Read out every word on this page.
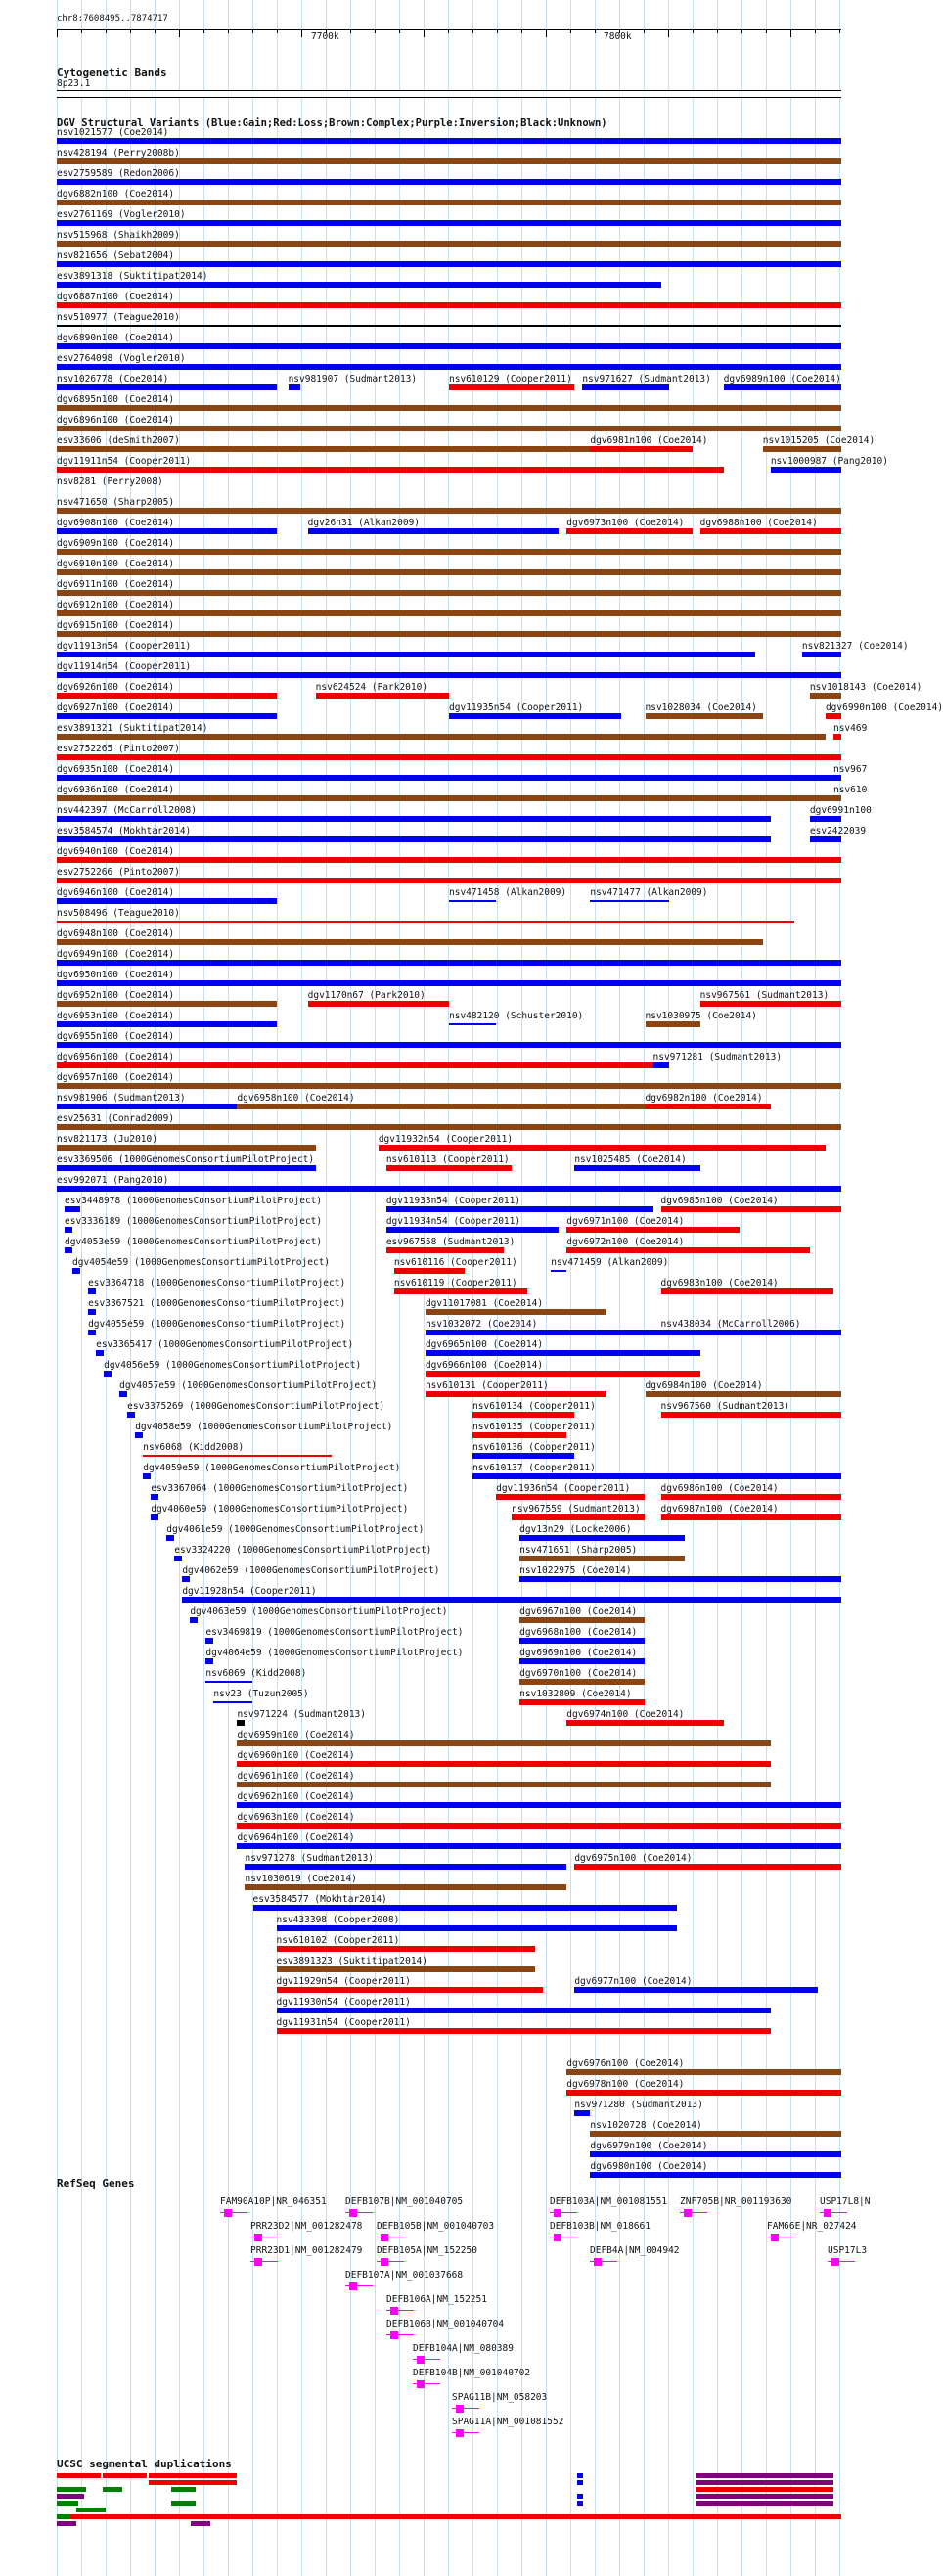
chr8:7608495..7874717
7700k	7800k
Cytogenetic Bands
8p23.1
DGV Structural Variants (Blue:Gain;Red:Loss;Brown:Complex;Purple:Inversion;Black:Unknown)
nsv1021577 (Coe2014)
nsv428194 (Perry2008b)
esv2759589 (Redon2006)
dgv6882n100 (Coe2014)
esv2761169 (Vogler2010)
nsv515968 (Shaikh2009)
nsv821656 (Sebat2004)
esv3891318 (Suktitipat2014)
dgv6887n100 (Coe2014)
nsv510977 (Teague2010)
dgv6890n100 (Coe2014)
esv2764098 (Vogler2010)
nsv1026778 (Coe2014)	nsv981907 (Sudmant2013)	nsv610129 (Cooper2011) nsv971627 (Sudmant2013) dgv6989n100 (Coe2014)
dgv6895n100 (Coe2014)
dgv6896n100 (Coe2014)
esv33606 (deSmith2007)	dgv6981n100 (Coe2014)	nsv1015205 (Coe2014)
dgv11911n54 (Cooper2011)	nsv1000987 (Pang2010)
nsv8281 (Perry2008)
nsv471650 (Sharp2005)
dgv6908n100 (Coe2014)	dgv26n31 (Alkan2009)	dgv6973n100 (Coe2014) dgv6988n100 (Coe2014)
dgv6909n100 (Coe2014)
dgv6910n100 (Coe2014)
dgv6911n100 (Coe2014)
dgv6912n100 (Coe2014)
dgv6915n100 (Coe2014)
dgv11913n54 (Cooper2011)	nsv821327 (Coe2014)
dgv11914n54 (Cooper2011)
dgv6926n100 (Coe2014)	nsv624524 (Park2010)	nsv1018143 (Coe2014)
dgv6927n100 (Coe2014)	dgv11935n54 (Cooper2011)	nsv1028034 (Coe2014)	dgv6990n100 (Coe2014)
esv3891321 (Suktitipat2014)	nsv469
esv2752265 (Pinto2007)
dgv6935n100 (Coe2014)	nsv967
dgv6936n100 (Coe2014)	nsv610
nsv442397 (McCarroll2008)	dgv6991n100
esv3584574 (Mokhtar2014)	esv2422039
dgv6940n100 (Coe2014)
esv2752266 (Pinto2007)
dgv6946n100 (Coe2014)	nsv471458 (Alkan2009)	nsv471477 (Alkan2009)
nsv508496 (Teague2010)
dgv6948n100 (Coe2014)
dgv6949n100 (Coe2014)
dgv6950n100 (Coe2014)
dgv6952n100 (Coe2014)	dgv1170n67 (Park2010)	nsv967561 (Sudmant2013)
dgv6953n100 (Coe2014)	nsv482120 (Schuster2010)	nsv1030975 (Coe2014)
dgv6955n100 (Coe2014)
dgv6956n100 (Coe2014)	nsv971281 (Sudmant2013)
dgv6957n100 (Coe2014)
nsv981906 (Sudmant2013)	dgv6958n100 (Coe2014)	dgv6982n100 (Coe2014)
esv25631 (Conrad2009)
nsv821173 (Ju2010)	dgv11932n54 (Cooper2011)
esv3369506 (1000GenomesConsortiumPilotProject)	nsv610113 (Cooper2011)	nsv1025485 (Coe2014)
esv992071 (Pang2010)
esv3448978 (1000GenomesConsortiumPilotProject)	dgv11933n54 (Cooper2011)	dgv6985n100 (Coe2014)
esv3336189 (1000GenomesConsortiumPilotProject)	dgv11934n54 (Cooper2011)	dgv6971n100 (Coe2014)
dgv4053e59 (1000GenomesConsortiumPilotProject)	esv967558 (Sudmant2013)	dgv6972n100 (Coe2014)
dgv4054e59 (1000GenomesConsortiumPilotProject)	nsv610116 (Cooper2011)	nsv471459 (Alkan2009)
esv3364718 (1000GenomesConsortiumPilotProject)	nsv610119 (Cooper2011)	dgv6983n100 (Coe2014)
esv3367521 (1000GenomesConsortiumPilotProject)	dgv11017081 (Coe2014)
dgv4055e59 (1000GenomesConsortiumPilotProject)	nsv1032072 (Coe2014)	nsv438034 (McCarroll2006)
esv3365417 (1000GenomesConsortiumPilotProject)	dgv6965n100 (Coe2014)
dgv4056e59 (1000GenomesConsortiumPilotProject)	dgv6966n100 (Coe2014)
dgv4057e59 (1000GenomesConsortiumPilotProject)	nsv610131 (Cooper2011)	dgv6984n100 (Coe2014)
esv3375269 (1000GenomesConsortiumPilotProject)	nsv610134 (Cooper2011)	nsv967560 (Sudmant2013)
dgv4058e59 (1000GenomesConsortiumPilotProject)	nsv610135 (Cooper2011)
nsv6068 (Kidd2008)	nsv610136 (Cooper2011)
dgv4059e59 (1000GenomesConsortiumPilotProject)	nsv610137 (Cooper2011)
esv3367064 (1000GenomesConsortiumPilotProject)	dgv11936n54 (Cooper2011)	dgv6986n100 (Coe2014)
dgv4060e59 (1000GenomesConsortiumPilotProject)	nsv967559 (Sudmant2013) dgv6987n100 (Coe2014)
dgv4061e59 (1000GenomesConsortiumPilotProject)	dgv13n29 (Locke2006)
esv3324220 (1000GenomesConsortiumPilotProject)	nsv471651 (Sharp2005)
dgv4062e59 (1000GenomesConsortiumPilotProject)	nsv1022975 (Coe2014)
dgv11928n54 (Cooper2011)
dgv4063e59 (1000GenomesConsortiumPilotProject)	dgv6967n100 (Coe2014)
esv3469819 (1000GenomesConsortiumPilotProject)	dgv6968n100 (Coe2014)
dgv4064e59 (1000GenomesConsortiumPilotProject)	dgv6969n100 (Coe2014)
nsv6069 (Kidd2008)	dgv6970n100 (Coe2014)
nsv23 (Tuzun2005)	nsv1032809 (Coe2014)
nsv971224 (Sudmant2013)	dgv6974n100 (Coe2014)
dgv6959n100 (Coe2014)
dgv6960n100 (Coe2014)
dgv6961n100 (Coe2014)
dgv6962n100 (Coe2014)
dgv6963n100 (Coe2014)
dgv6964n100 (Coe2014)
nsv971278 (Sudmant2013)	dgv6975n100 (Coe2014)
nsv1030619 (Coe2014)
esv3584577 (Mokhtar2014)
nsv433398 (Cooper2008)
nsv610102 (Cooper2011)
esv3891323 (Suktitipat2014)
dgv11929n54 (Cooper2011)	dgv6977n100 (Coe2014)
dgv11930n54 (Cooper2011)
dgv11931n54 (Cooper2011)
dgv6976n100 (Coe2014)
dgv6978n100 (Coe2014)
nsv971280 (Sudmant2013)
nsv1020728 (Coe2014)
dgv6979n100 (Coe2014)
dgv6980n100 (Coe2014)
RefSeq Genes
FAM90A10P|NR_046351 DEFB107B|NM_001040705	DEFB103A|NM_001081551 ZNF705B|NR_001193630	USP17L8|N
PRR23D2|NM_001282478 DEFB105B|NM_001040703	DEFB103B|NM_018661	FAM66E|NR_027424
PRR23D1|NM_001282479 DEFB105A|NM_152250	DEFB4A|NM_004942	USP17L3
DEFB107A|NM_001037668
DEFB106A|NM_152251
DEFB106B|NM_001040704
DEFB104A|NM_080389
DEFB104B|NM_001040702
SPAG11B|NM_058203
SPAG11A|NM_001081552
UCSC segmental duplications
